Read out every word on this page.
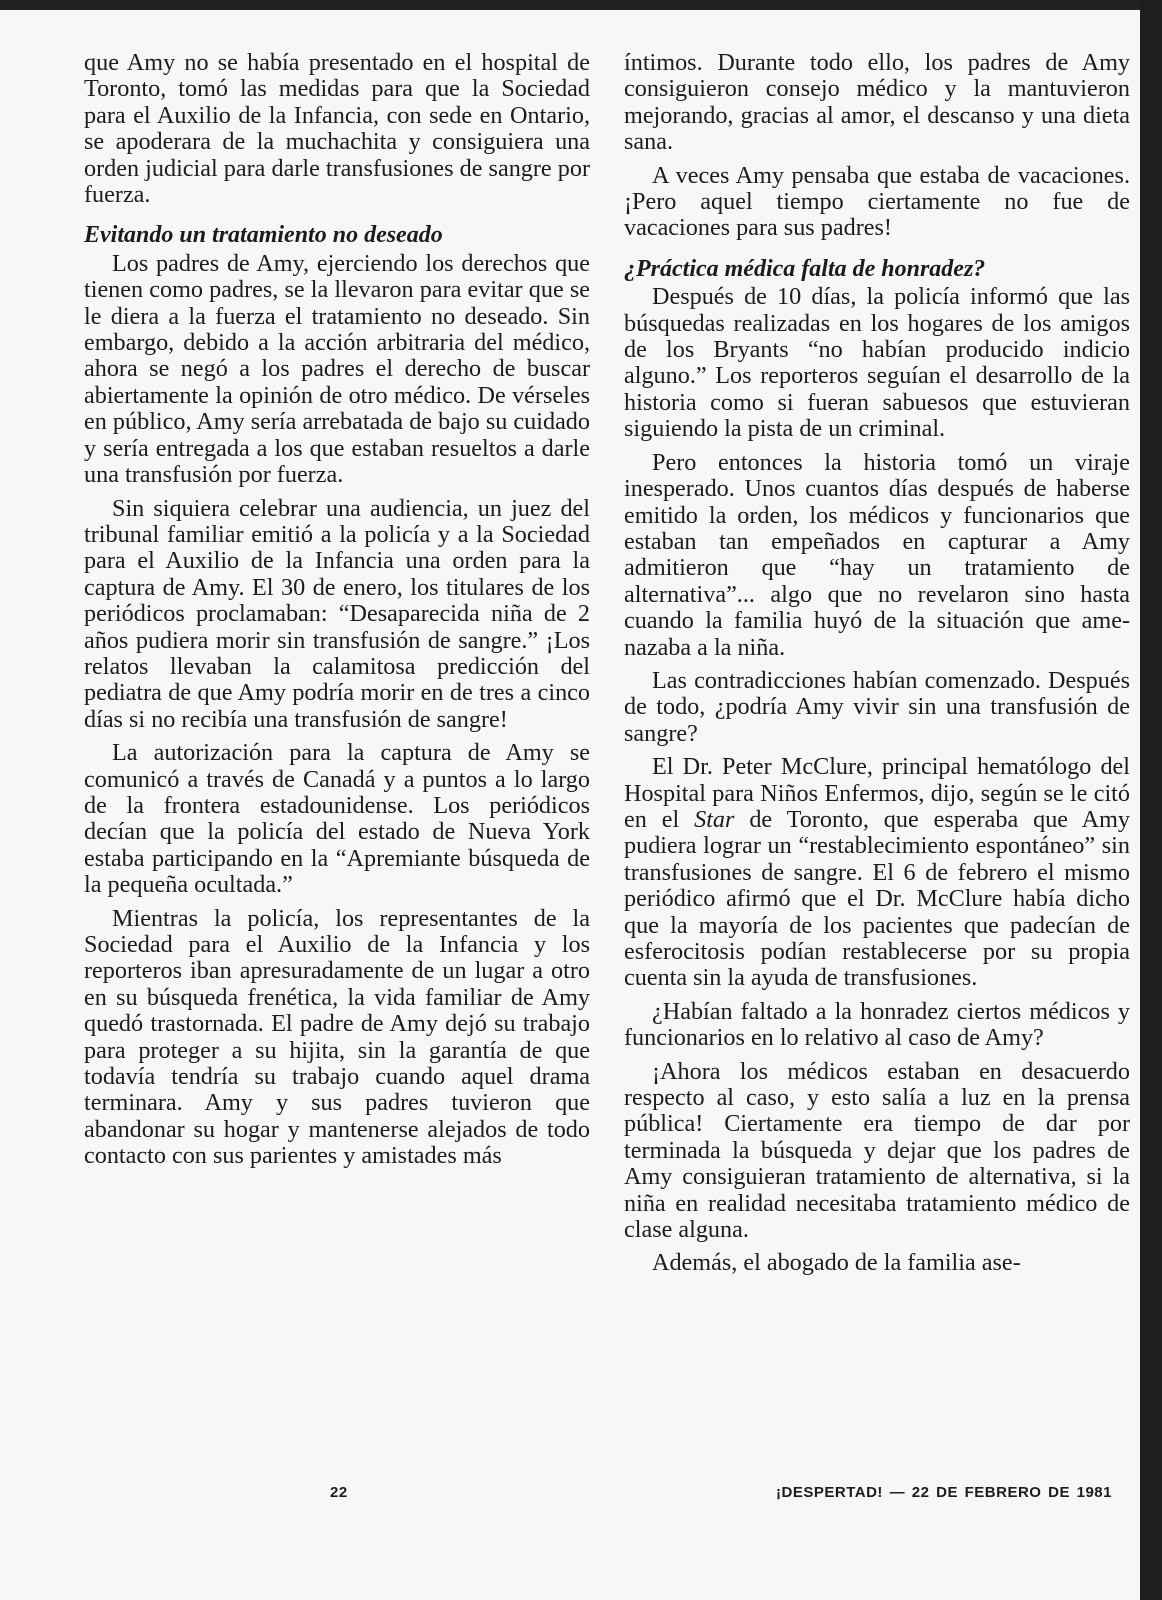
que Amy no se había presentado en el hospital de Toronto, tomó las medidas para que la Sociedad para el Auxilio de la Infancia, con sede en Ontario, se apoderara de la muchachita y consiguiera una orden judicial para darle transfusiones de sangre por fuerza.

Evitando un tratamiento no deseado

Los padres de Amy, ejerciendo los derechos que tienen como padres, se la llevaron para evitar que se le diera a la fuerza el tratamiento no deseado. Sin embargo, debido a la acción arbitraria del médico, ahora se negó a los padres el derecho de buscar abiertamente la opinión de otro médico. De vérseles en público, Amy sería arrebatada de bajo su cuidado y sería entregada a los que estaban resueltos a darle una transfusión por fuerza.

Sin siquiera celebrar una audiencia, un juez del tribunal familiar emitió a la policía y a la Sociedad para el Auxilio de la Infancia una orden para la captura de Amy. El 30 de enero, los titulares de los periódicos proclamaban: “Desaparecida niña de 2 años pudiera morir sin transfusión de sangre.” ¡Los relatos llevaban la calamitosa predicción del pediatra de que Amy podría morir en de tres a cinco días si no recibía una transfusión de sangre!

La autorización para la captura de Amy se comunicó a través de Canadá y a puntos a lo largo de la frontera estadounidense. Los periódicos decían que la policía del estado de Nueva York estaba participando en la “Apremiante búsqueda de la pequeña ocultada.”

Mientras la policía, los representantes de la Sociedad para el Auxilio de la Infancia y los reporteros iban apresuradamente de un lugar a otro en su búsqueda frenética, la vida familiar de Amy quedó trastornada. El padre de Amy dejó su trabajo para proteger a su hijita, sin la garantía de que todavía tendría su trabajo cuando aquel drama terminara. Amy y sus padres tuvieron que abandonar su hogar y mantenerse alejados de todo contacto con sus parientes y amistades más

íntimos. Durante todo ello, los padres de Amy consiguieron consejo médico y la mantuvieron mejorando, gracias al amor, el descanso y una dieta sana.

A veces Amy pensaba que estaba de vacaciones. ¡Pero aquel tiempo ciertamente no fue de vacaciones para sus padres!

¿Práctica médica falta de honradez?

Después de 10 días, la policía informó que las búsquedas realizadas en los hogares de los amigos de los Bryants “no habían producido indicio alguno.” Los reporteros seguían el desarrollo de la historia como si fueran sabuesos que estuvieran siguiendo la pista de un criminal.

Pero entonces la historia tomó un viraje inesperado. Unos cuantos días después de haberse emitido la orden, los médicos y funcionarios que estaban tan empeñados en capturar a Amy admitieron que “hay un tratamiento de alternativa”... algo que no revelaron sino hasta cuando la familia huyó de la situación que amenazaba a la niña.

Las contradicciones habían comenzado. Después de todo, ¿podría Amy vivir sin una transfusión de sangre?

El Dr. Peter McClure, principal hematólogo del Hospital para Niños Enfermos, dijo, según se le citó en el Star de Toronto, que esperaba que Amy pudiera lograr un “restablecimiento espontáneo” sin transfusiones de sangre. El 6 de febrero el mismo periódico afirmó que el Dr. McClure había dicho que la mayoría de los pacientes que padecían de esferocitosis podían restablecerse por su propia cuenta sin la ayuda de transfusiones.

¿Habían faltado a la honradez ciertos médicos y funcionarios en lo relativo al caso de Amy?

¡Ahora los médicos estaban en desacuerdo respecto al caso, y esto salía a luz en la prensa pública! Ciertamente era tiempo de dar por terminada la búsqueda y dejar que los padres de Amy consiguieran tratamiento de alternativa, si la niña en realidad necesitaba tratamiento médico de clase alguna.

Además, el abogado de la familia ase-

22	¡DESPERTAD! — 22 DE FEBRERO DE 1981
